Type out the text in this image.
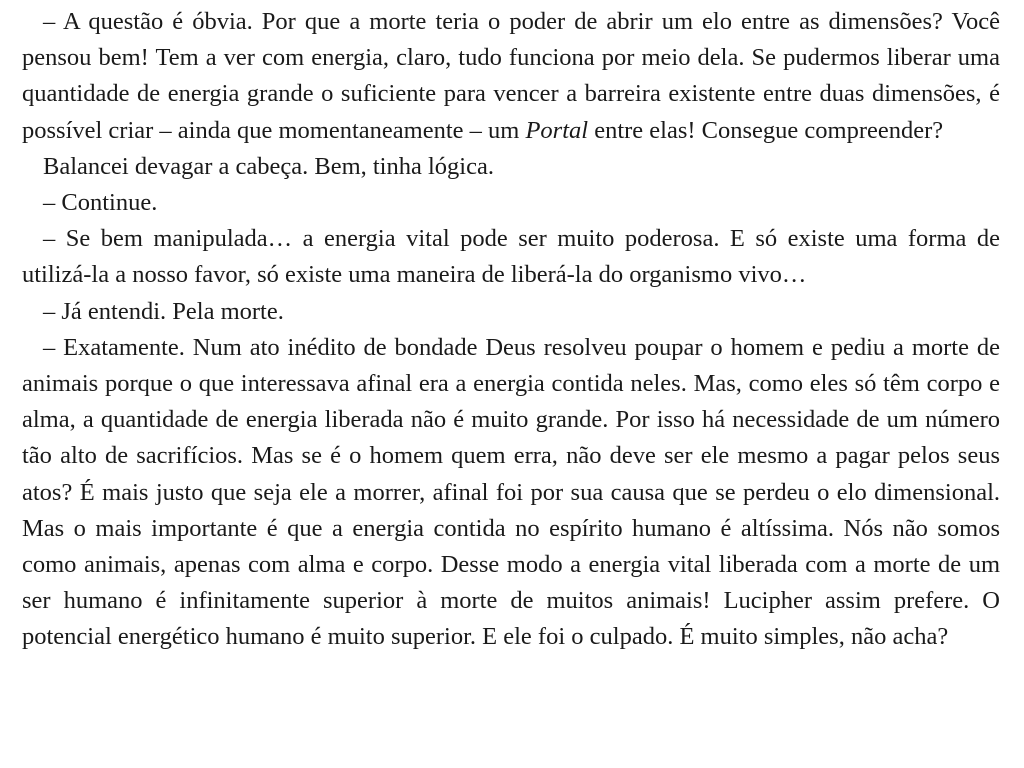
– A questão é óbvia. Por que a morte teria o poder de abrir um elo entre as dimensões? Você pensou bem! Tem a ver com energia, claro, tudo funciona por meio dela. Se pudermos liberar uma quantidade de energia grande o suficiente para vencer a barreira existente entre duas dimensões, é possível criar – ainda que momentaneamente – um Portal entre elas! Consegue compreender?

Balancei devagar a cabeça. Bem, tinha lógica.

– Continue.

– Se bem manipulada… a energia vital pode ser muito poderosa. E só existe uma forma de utilizá-la a nosso favor, só existe uma maneira de liberá-la do organismo vivo…

– Já entendi. Pela morte.

– Exatamente. Num ato inédito de bondade Deus resolveu poupar o homem e pediu a morte de animais porque o que interessava afinal era a energia contida neles. Mas, como eles só têm corpo e alma, a quantidade de energia liberada não é muito grande. Por isso há necessidade de um número tão alto de sacrifícios. Mas se é o homem quem erra, não deve ser ele mesmo a pagar pelos seus atos? É mais justo que seja ele a morrer, afinal foi por sua causa que se perdeu o elo dimensional. Mas o mais importante é que a energia contida no espírito humano é altíssima. Nós não somos como animais, apenas com alma e corpo. Desse modo a energia vital liberada com a morte de um ser humano é infinitamente superior à morte de muitos animais! Lucipher assim prefere. O potencial energético humano é muito superior. E ele foi o culpado. É muito simples, não acha?
